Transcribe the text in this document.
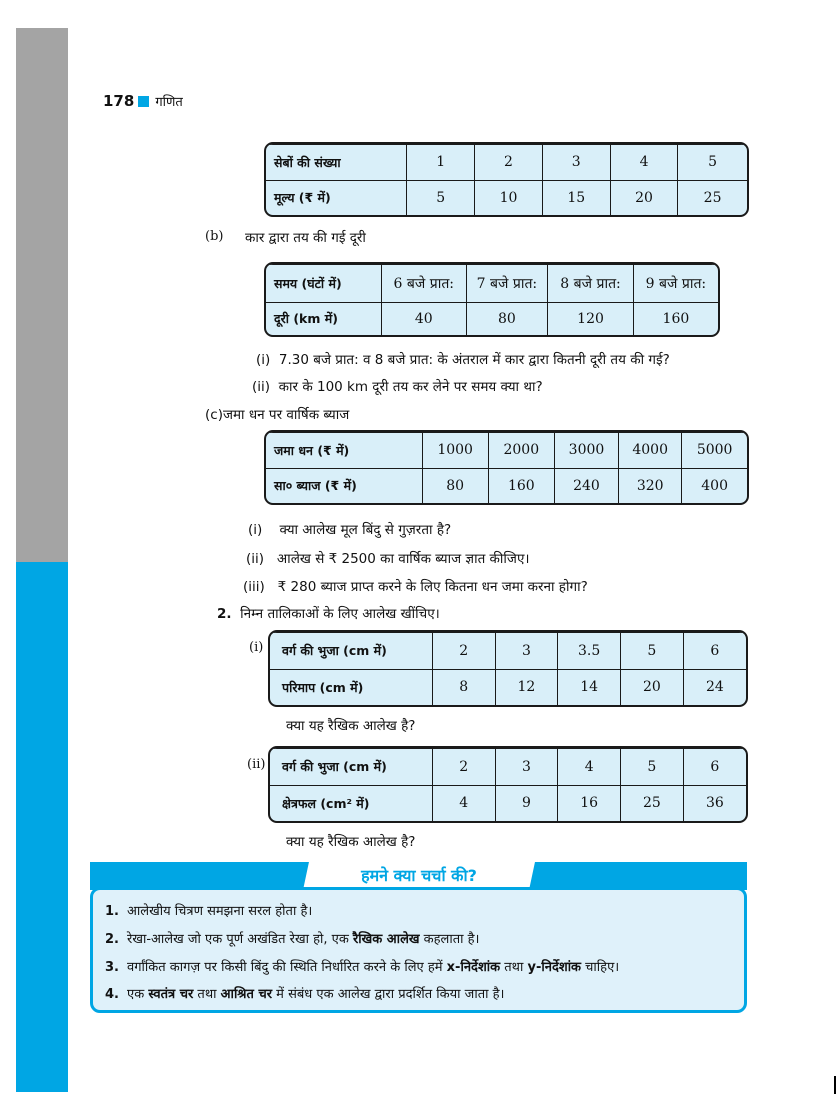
178 गणित
सेबों की संख्या	1	2	3	4	5
मूल्य (₹ में)	5	10	15	20	25
(b) कार द्वारा तय की गई दूरी
समय (घंटों में)	6 बजे प्रात:	7 बजे प्रात:	8 बजे प्रात:	9 बजे प्रात:
दूरी (km में)	40	80	120	160
(i) 7.30 बजे प्रात: व 8 बजे प्रात: के अंतराल में कार द्वारा कितनी दूरी तय की गई?
(ii) कार के 100 km दूरी तय कर लेने पर समय क्या था?
(c)जमा धन पर वार्षिक ब्याज
जमा धन (₹ में)	1000	2000	3000	4000	5000
सा० ब्याज (₹ में)	80	160	240	320	400
(i) क्या आलेख मूल बिंदु से गुज़रता है?
(ii) आलेख से ₹ 2500 का वार्षिक ब्याज ज्ञात कीजिए।
(iii) ₹ 280 ब्याज प्राप्त करने के लिए कितना धन जमा करना होगा?
2. निम्न तालिकाओं के लिए आलेख खींचिए।
(i) वर्ग की भुजा (cm में)	2	3	3.5	5	6
परिमाप (cm में)	8	12	14	20	24
क्या यह रैखिक आलेख है?
(ii) वर्ग की भुजा (cm में)	2	3	4	5	6
क्षेत्रफल (cm² में)	4	9	16	25	36
क्या यह रैखिक आलेख है?
हमने क्या चर्चा की?
1. आलेखीय चित्रण समझना सरल होता है।
2. रेखा-आलेख जो एक पूर्ण अखंडित रेखा हो, एक रैखिक आलेख कहलाता है।
3. वर्गांकित कागज़ पर किसी बिंदु की स्थिति निर्धारित करने के लिए हमें x-निर्देशांक तथा y-निर्देशांक चाहिए।
4. एक स्वतंत्र चर तथा आश्रित चर में संबंध एक आलेख द्वारा प्रदर्शित किया जाता है।
